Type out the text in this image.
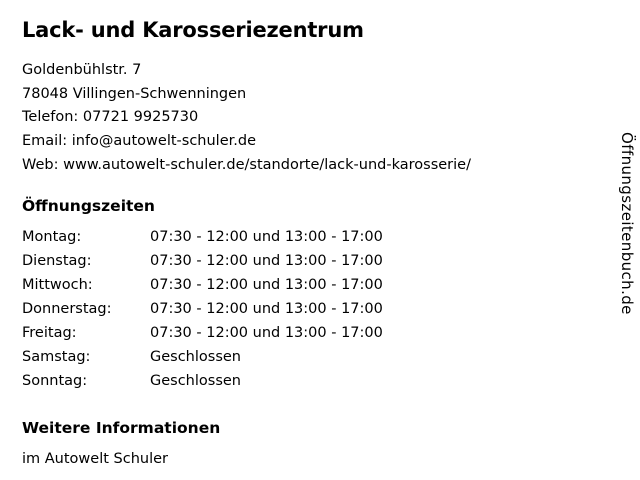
Lack- und Karosseriezentrum
Goldenbühlstr. 7
78048 Villingen-Schwenningen
Telefon: 07721 9925730
Email: info@autowelt-schuler.de
Web: www.autowelt-schuler.de/standorte/lack-und-karosserie/
Öffnungszeiten
Montag:	07:30 - 12:00 und 13:00 - 17:00
Dienstag:	07:30 - 12:00 und 13:00 - 17:00
Mittwoch:	07:30 - 12:00 und 13:00 - 17:00
Donnerstag:	07:30 - 12:00 und 13:00 - 17:00
Freitag:	07:30 - 12:00 und 13:00 - 17:00
Samstag:	Geschlossen
Sonntag:	Geschlossen
Weitere Informationen
im Autowelt Schuler
Öffnungszeitenbuch.de
